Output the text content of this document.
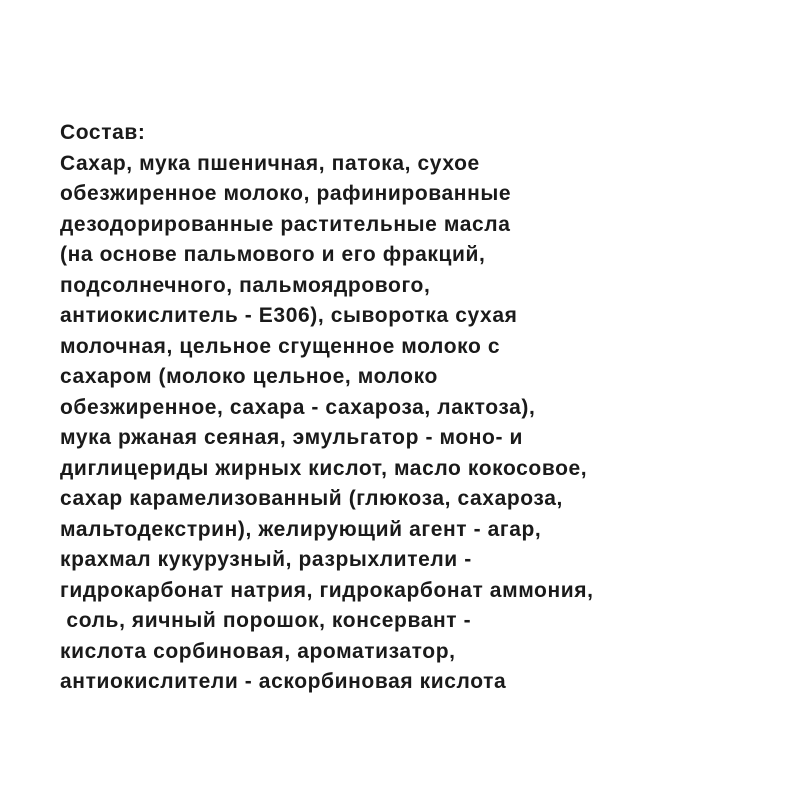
Состав:
Сахар, мука пшеничная, патока, сухое
обезжиренное молоко, рафинированные
дезодорированные растительные масла
(на основе пальмового и его фракций,
подсолнечного, пальмоядрового,
антиокислитель - Е306), сыворотка сухая
молочная, цельное сгущенное молоко с
сахаром (молоко цельное, молоко
обезжиренное, сахара - сахароза, лактоза),
мука ржаная сеяная, эмульгатор - моно- и
диглицериды жирных кислот, масло кокосовое,
сахар карамелизованный (глюкоза, сахароза,
мальтодекстрин), желирующий агент - агар,
крахмал кукурузный, разрыхлители -
гидрокарбонат натрия, гидрокарбонат аммония,
соль, яичный порошок, консервант -
кислота сорбиновая, ароматизатор,
антиокислители - аскорбиновая кислота
